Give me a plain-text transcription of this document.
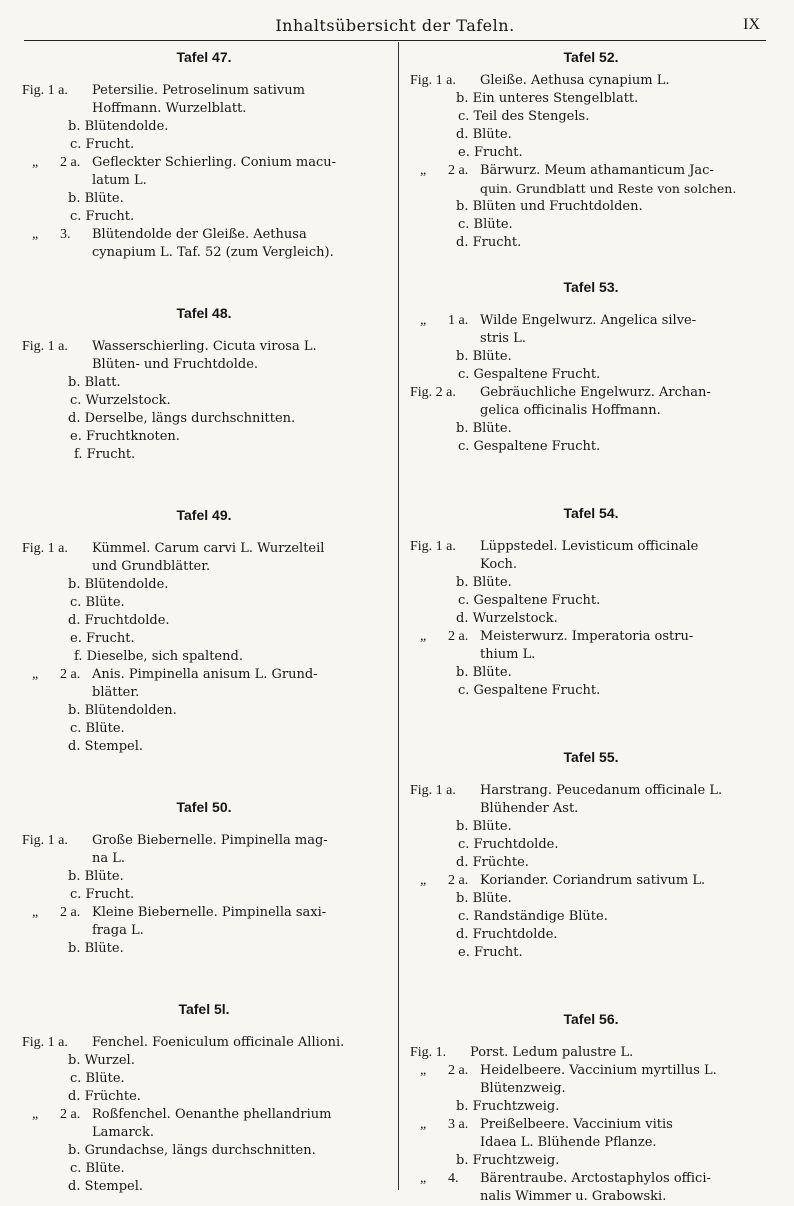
Inhaltsübersicht der Tafeln.	IX
Tafel 47.
Fig. 1 a. Petersilie. Petroselinum sativum
Hoffmann. Wurzelblatt.
b. Blütendolde.
c. Frucht.
„ 2 a. Gefleckter Schierling. Conium macu-
latum L.
b. Blüte.
c. Frucht.
„ 3.	Blütendolde der Gleiße. Aethusa
cynapium L. Taf. 52 (zum Vergleich).
Tafel 48.
Fig. 1 a. Wasserschierling. Cicuta virosa L.
Blüten- und Fruchtdolde.
b. Blatt.
c. Wurzelstock.
d. Derselbe, längs durchschnitten.
e. Fruchtknoten.
f. Frucht.
Tafel 49.
Fig. 1 a. Kümmel. Carum carvi L. Wurzelteil
und Grundblätter.
b. Blütendolde.
c. Blüte.
d. Fruchtdolde.
e. Frucht.
f. Dieselbe, sich spaltend.
„ 2 a. Anis. Pimpinella anisum L. Grund-
blätter.
b. Blütendolden.
c. Blüte.
d. Stempel.
Tafel 50.
Fig. 1 a. Große Biebernelle. Pimpinella mag-
na L.
b. Blüte.
c. Frucht.
„ 2 a. Kleine Biebernelle. Pimpinella saxi-
fraga L.
b. Blüte.
Tafel 5l.
Fig. 1 a. Fenchel. Foeniculum officinale Allioni.
b. Wurzel.
c. Blüte.
d. Früchte.
„ 2 a. Roßfenchel. Oenanthe phellandrium
Lamarck.
b. Grundachse, längs durchschnitten.
c. Blüte.
d. Stempel.
Tafel 52.
Fig. 1 a. Gleiße. Aethusa cynapium L.
b. Ein unteres Stengelblatt.
c. Teil des Stengels.
d. Blüte.
e. Frucht.
„ 2 a. Bärwurz. Meum athamanticum Jac-
quin. Grundblatt und Reste von solchen.
b. Blüten und Fruchtdolden.
c. Blüte.
d. Frucht.
Tafel 53.
„ 1 a. Wilde Engelwurz. Angelica silve-
stris L.
b. Blüte.
c. Gespaltene Frucht.
Fig. 2 a. Gebräuchliche Engelwurz. Archan-
gelica officinalis Hoffmann.
b. Blüte.
c. Gespaltene Frucht.
Tafel 54.
Fig. 1 a. Lüppstedel. Levisticum officinale
Koch.
b. Blüte.
c. Gespaltene Frucht.
d. Wurzelstock.
„ 2 a. Meisterwurz. Imperatoria ostru-
thium L.
b. Blüte.
c. Gespaltene Frucht.
Tafel 55.
Fig. 1 a. Harstrang. Peucedanum officinale L.
Blühender Ast.
b. Blüte.
c. Fruchtdolde.
d. Früchte.
„ 2 a. Koriander. Coriandrum sativum L.
b. Blüte.
c. Randständige Blüte.
d. Fruchtdolde.
e. Frucht.
Tafel 56.
Fig. 1. Porst. Ledum palustre L.
„ 2 a. Heidelbeere. Vaccinium myrtillus L.
Blütenzweig.
b. Fruchtzweig.
„ 3 a. Preißelbeere. Vaccinium vitis
Idaea L. Blühende Pflanze.
b. Fruchtzweig.
„ 4.	Bärentraube. Arctostaphylos offici-
nalis Wimmer u. Grabowski.
